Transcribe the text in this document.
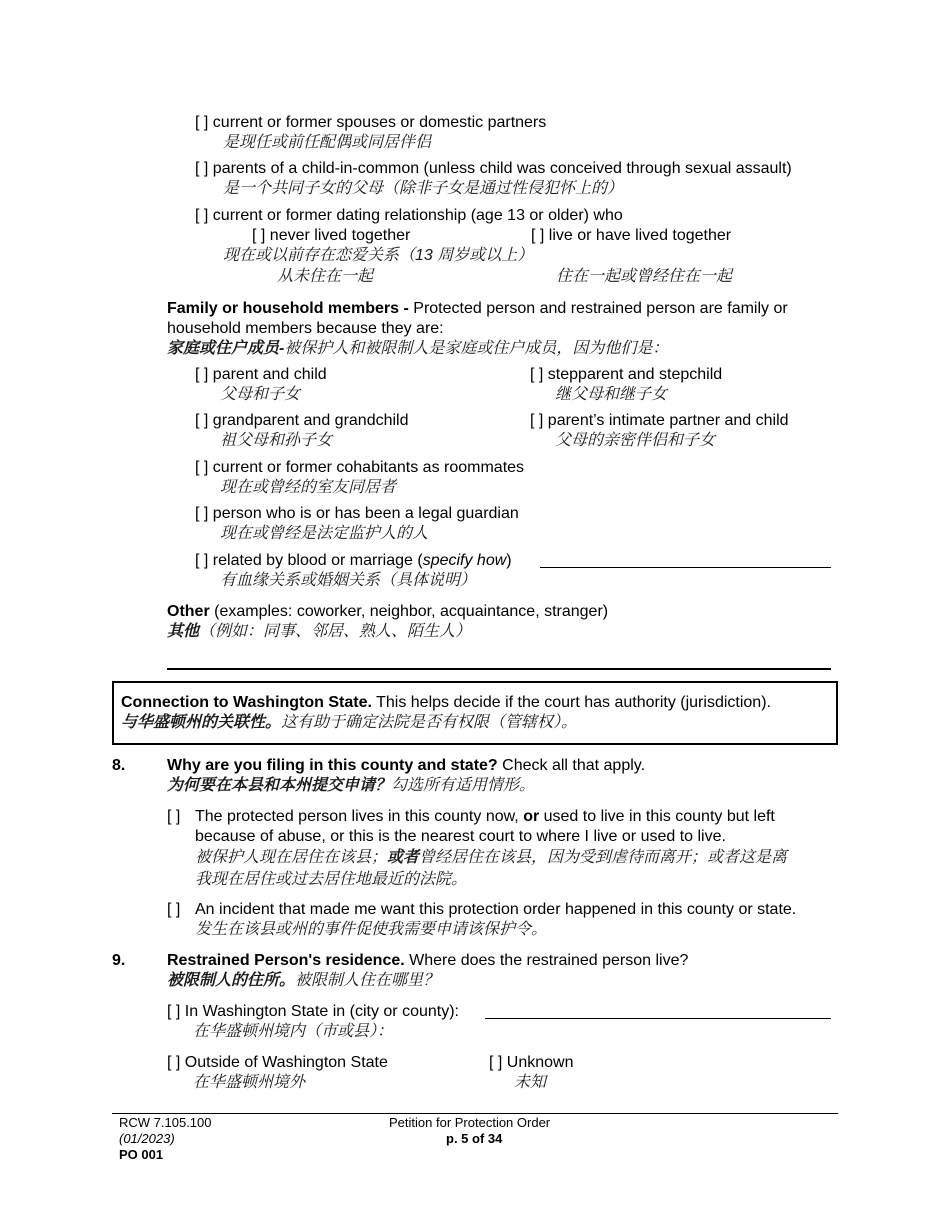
[ ] current or former spouses or domestic partners
是现任或前任配偶或同居伴侣
[ ] parents of a child-in-common (unless child was conceived through sexual assault)
是一个共同子女的父母（除非子女是通过性侵犯怀上的）
[ ] current or former dating relationship (age 13 or older) who
[ ] never lived together	[ ] live or have lived together
现在或以前存在恋爱关系（13 周岁或以上）
从未住在一起	住在一起或曾经住在一起
Family or household members - Protected person and restrained person are family or
household members because they are:
家庭或住户成员-被保护人和被限制人是家庭或住户成员，因为他们是：
[ ] parent and child
父母和子女
[ ] stepparent and stepchild
继父母和继子女
[ ] grandparent and grandchild
祖父母和孙子女
[ ] parent’s intimate partner and child
父母的亲密伴侣和子女
[ ] current or former cohabitants as roommates
现在或曾经的室友同居者
[ ] person who is or has been a legal guardian
现在或曾经是法定监护人的人
[ ] related by blood or marriage (specify how)
有血缘关系或婚姻关系（具体说明）
Other (examples: coworker, neighbor, acquaintance, stranger)
其他（例如：同事、邻居、熟人、陌生人）
Connection to Washington State. This helps decide if the court has authority (jurisdiction).
与华盛顿州的关联性。这有助于确定法院是否有权限（管辖权）。
8.	Why are you filing in this county and state? Check all that apply.
为何要在本县和本州提交申请？勾选所有适用情形。
[ ] The protected person lives in this county now, or used to live in this county but left
because of abuse, or this is the nearest court to where I live or used to live.
被保护人现在居住在该县；或者曾经居住在该县，因为受到虐待而离开；或者这是离
我现在居住或过去居住地最近的法院。
[ ] An incident that made me want this protection order happened in this county or state.
发生在该县或州的事件促使我需要申请该保护令。
9.	Restrained Person's residence. Where does the restrained person live?
被限制人的住所。被限制人住在哪里？
[ ] In Washington State in (city or county):
在华盛顿州境内（市或县）：
[ ] Outside of Washington State
在华盛顿州境外
[ ] Unknown
未知
RCW 7.105.100
(01/2023)
PO 001
Petition for Protection Order
p. 5 of 34
